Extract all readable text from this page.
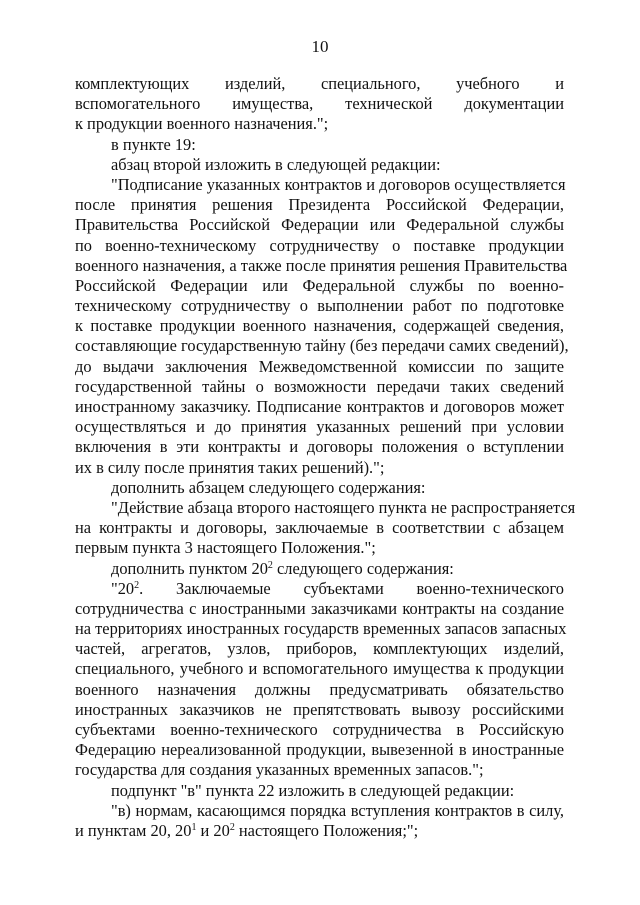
10
комплектующих изделий, специального, учебного и
вспомогательного имущества, технической документации
к продукции военного назначения.";
в пункте 19:
абзац второй изложить в следующей редакции:
"Подписание указанных контрактов и договоров осуществляется
после принятия решения Президента Российской Федерации,
Правительства Российской Федерации или Федеральной службы
по военно-техническому сотрудничеству о поставке продукции
военного назначения, а также после принятия решения Правительства
Российской Федерации или Федеральной службы по военно-
техническому сотрудничеству о выполнении работ по подготовке
к поставке продукции военного назначения, содержащей сведения,
составляющие государственную тайну (без передачи самих сведений),
до выдачи заключения Межведомственной комиссии по защите
государственной тайны о возможности передачи таких сведений
иностранному заказчику. Подписание контрактов и договоров может
осуществляться и до принятия указанных решений при условии
включения в эти контракты и договоры положения о вступлении
их в силу после принятия таких решений).";
дополнить абзацем следующего содержания:
"Действие абзаца второго настоящего пункта не распространяется
на контракты и договоры, заключаемые в соответствии с абзацем
первым пункта 3 настоящего Положения.";
дополнить пунктом $20^2$ следующего содержания:
"$20^2$. Заключаемые субъектами военно-технического
сотрудничества с иностранными заказчиками контракты на создание
на территориях иностранных государств временных запасов запасных
частей, агрегатов, узлов, приборов, комплектующих изделий,
специального, учебного и вспомогательного имущества к продукции
военного назначения должны предусматривать обязательство
иностранных заказчиков не препятствовать вывозу российскими
субъектами военно-технического сотрудничества в Российскую
Федерацию нереализованной продукции, вывезенной в иностранные
государства для создания указанных временных запасов.";
подпункт "в" пункта 22 изложить в следующей редакции:
"в) нормам, касающимся порядка вступления контрактов в силу,
и пунктам 20, $20^1$ и $20^2$ настоящего Положения;";
